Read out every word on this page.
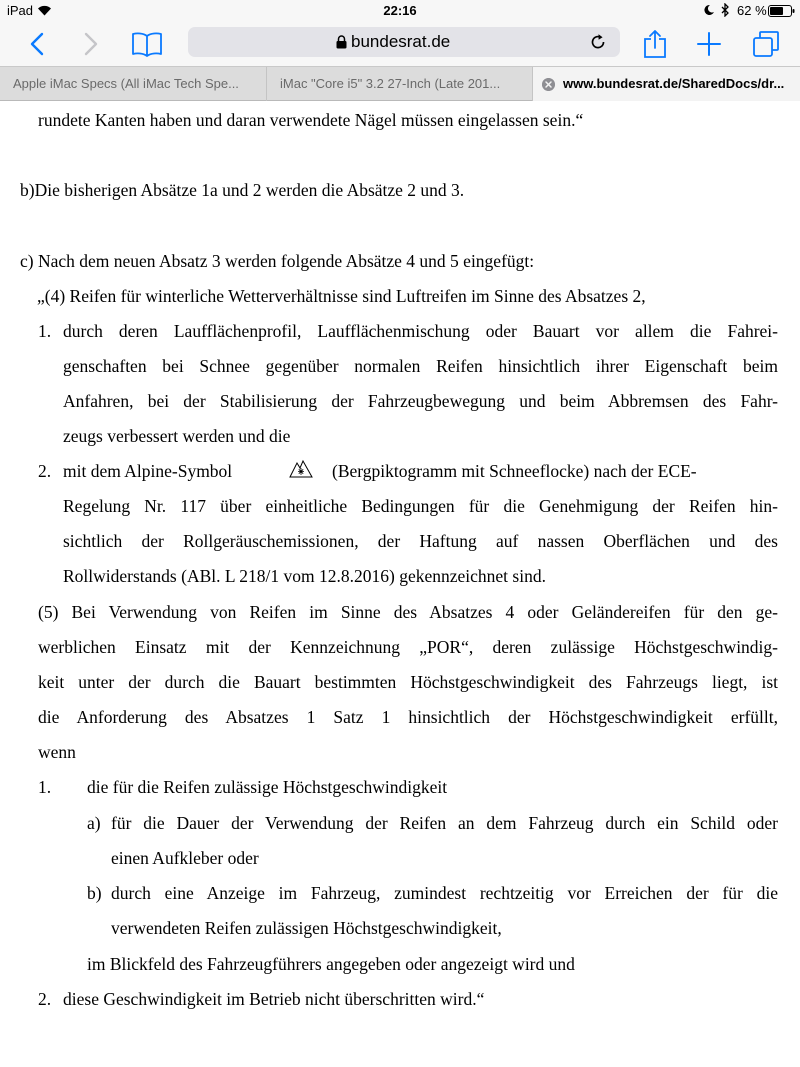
iPad	22:16	62 %
bundesrat.de
Apple iMac Specs (All iMac Tech Spe...	iMac "Core i5" 3.2 27-Inch (Late 201...	www.bundesrat.de/SharedDocs/dr...
rundete Kanten haben und daran verwendete Nägel müssen eingelassen sein.“
b)Die bisherigen Absätze 1a und 2 werden die Absätze 2 und 3.
c) Nach dem neuen Absatz 3 werden folgende Absätze 4 und 5 eingefügt:
„(4) Reifen für winterliche Wetterverhältnisse sind Luftreifen im Sinne des Absatzes 2,
1. durch deren Laufflächenprofil, Laufflächenmischung oder Bauart vor allem die Fahrei-
genschaften bei Schnee gegenüber normalen Reifen hinsichtlich ihrer Eigenschaft beim
Anfahren, bei der Stabilisierung der Fahrzeugbewegung und beim Abbremsen des Fahr-
zeugs verbessert werden und die
2. mit dem Alpine-Symbol	(Bergpiktogramm mit Schneeflocke) nach der ECE-
Regelung Nr. 117 über einheitliche Bedingungen für die Genehmigung der Reifen hin-
sichtlich der Rollgeräuschemissionen, der Haftung auf nassen Oberflächen und des
Rollwiderstands (ABl. L 218/1 vom 12.8.2016) gekennzeichnet sind.
(5) Bei Verwendung von Reifen im Sinne des Absatzes 4 oder Geländereifen für den ge-
werblichen Einsatz mit der Kennzeichnung „POR“, deren zulässige Höchstgeschwindig-
keit unter der durch die Bauart bestimmten Höchstgeschwindigkeit des Fahrzeugs liegt, ist
die Anforderung des Absatzes 1 Satz 1 hinsichtlich der Höchstgeschwindigkeit erfüllt,
wenn
1. die für die Reifen zulässige Höchstgeschwindigkeit
a) für die Dauer der Verwendung der Reifen an dem Fahrzeug durch ein Schild oder
einen Aufkleber oder
b) durch eine Anzeige im Fahrzeug, zumindest rechtzeitig vor Erreichen der für die
verwendeten Reifen zulässigen Höchstgeschwindigkeit,
im Blickfeld des Fahrzeugführers angegeben oder angezeigt wird und
2. diese Geschwindigkeit im Betrieb nicht überschritten wird.“
